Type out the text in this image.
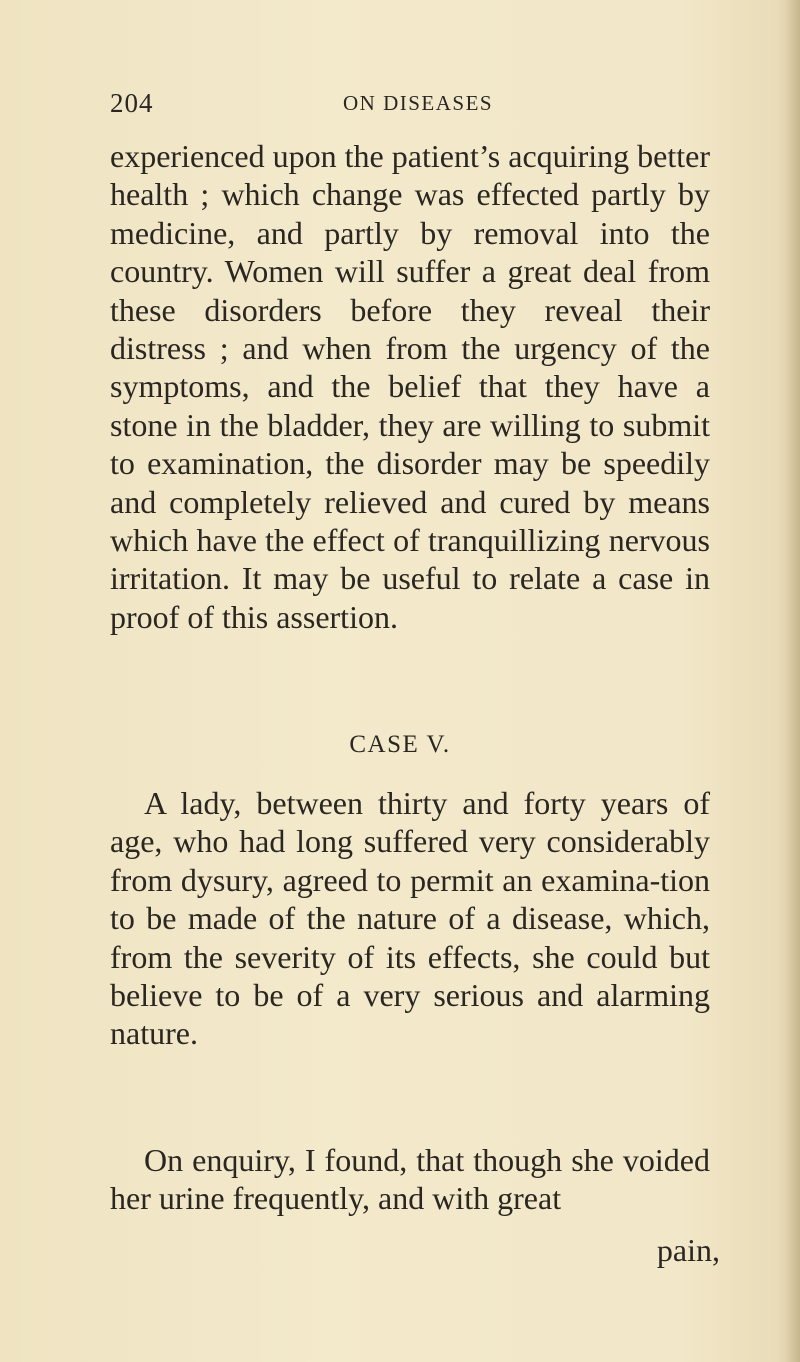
204	ON DISEASES
experienced upon the patient’s acquiring better health ; which change was effected partly by medicine, and partly by removal into the country. Women will suffer a great deal from these disorders before they reveal their distress ; and when from the urgency of the symptoms, and the belief that they have a stone in the bladder, they are willing to submit to examination, the disorder may be speedily and completely relieved and cured by means which have the effect of tranquillizing nervous irritation. It may be useful to relate a case in proof of this assertion.
CASE V.
A lady, between thirty and forty years of age, who had long suffered very considerably from dysury, agreed to permit an examina-tion to be made of the nature of a disease, which, from the severity of its effects, she could but believe to be of a very serious and alarming nature.
On enquiry, I found, that though she voided her urine frequently, and with great
pain,
